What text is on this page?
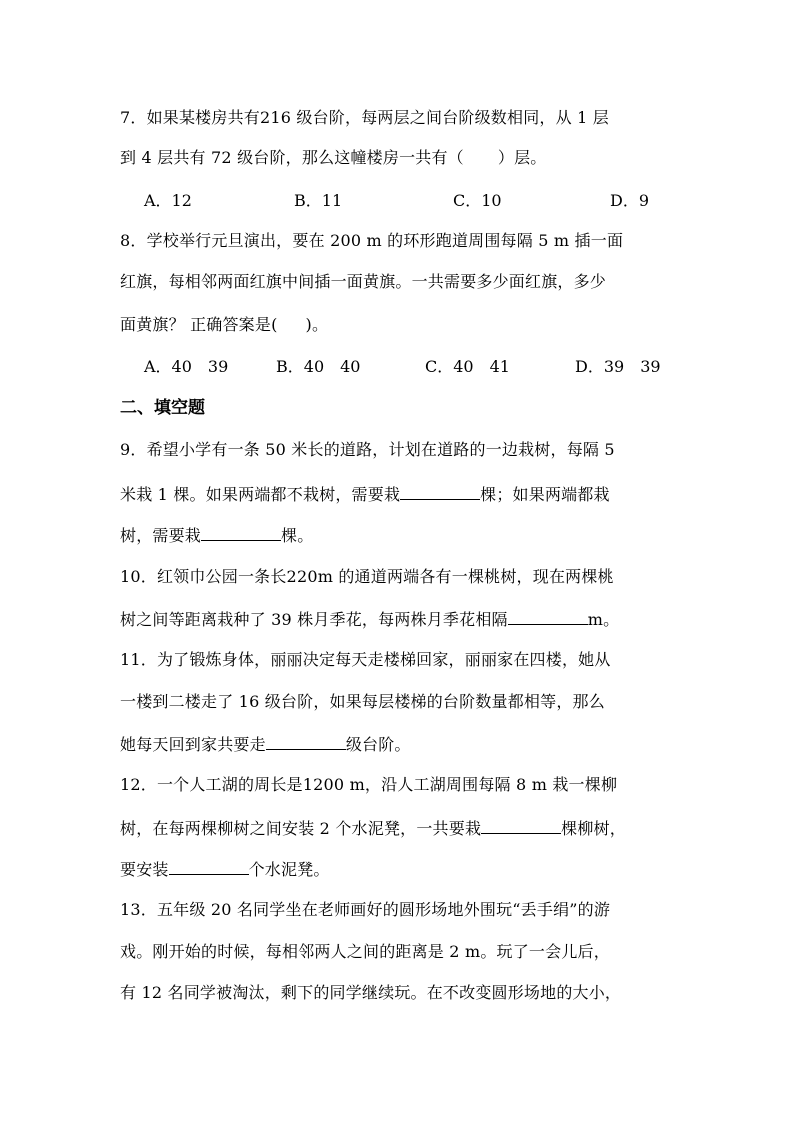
7．如果某楼房共有216 级台阶，每两层之间台阶级数相同，从 1 层
到 4 层共有 72 级台阶，那么这幢楼房一共有（ ）层。
A．12	B．11	C．10	D．9
8．学校举行元旦演出，要在 200 m 的环形跑道周围每隔 5 m 插一面
红旗，每相邻两面红旗中间插一面黄旗。一共需要多少面红旗，多少
面黄旗？ 正确答案是( )。
A．40　39	B．40　40	C．40　41	D．39　39
二、填空题
9．希望小学有一条 50 米长的道路，计划在道路的一边栽树，每隔 5
米栽 1 棵。如果两端都不栽树，需要栽	棵；如果两端都栽
树，需要栽	棵。
10．红领巾公园一条长220m 的通道两端各有一棵桃树，现在两棵桃
树之间等距离栽种了 39 株月季花，每两株月季花相隔	m。
11．为了锻炼身体，丽丽决定每天走楼梯回家，丽丽家在四楼，她从
一楼到二楼走了 16 级台阶，如果每层楼梯的台阶数量都相等，那么
她每天回到家共要走	级台阶。
12．一个人工湖的周长是1200 m，沿人工湖周围每隔 8 m 栽一棵柳
树，在每两棵柳树之间安装 2 个水泥凳，一共要栽	棵柳树，
要安装	个水泥凳。
13．五年级 20 名同学坐在老师画好的圆形场地外围玩“丢手绢”的游
戏。刚开始的时候，每相邻两人之间的距离是 2 m。玩了一会儿后，
有 12 名同学被淘汰，剩下的同学继续玩。在不改变圆形场地的大小，
